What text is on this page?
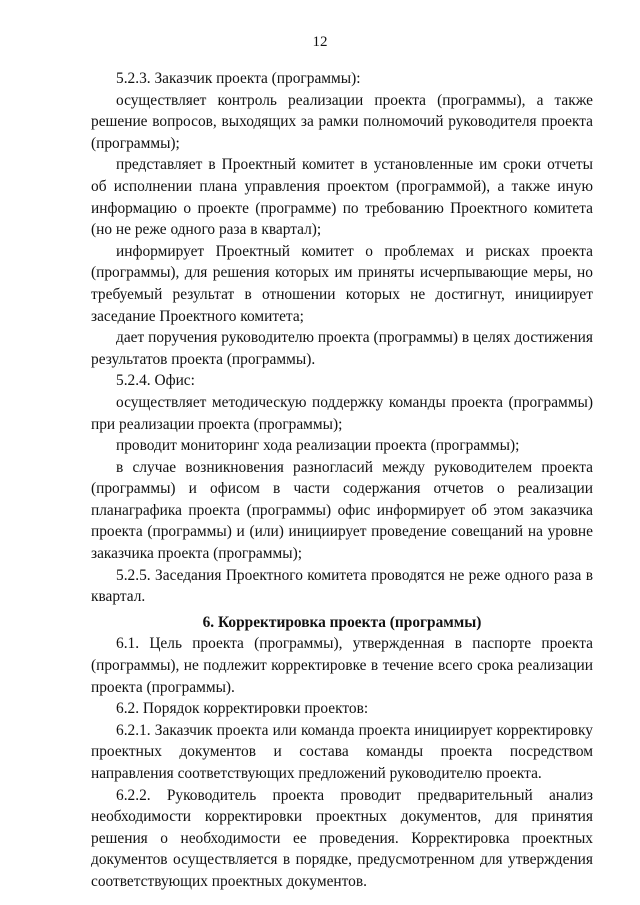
12

5.2.3. Заказчик проекта (программы):

осуществляет контроль реализации проекта (программы), а также решение вопросов, выходящих за рамки полномочий руководителя проекта (программы);

представляет в Проектный комитет в установленные им сроки отчеты об исполнении плана управления проектом (программой), а также иную информацию о проекте (программе) по требованию Проектного комитета (но не реже одного раза в квартал);

информирует Проектный комитет о проблемах и рисках проекта (программы), для решения которых им приняты исчерпывающие меры, но требуемый результат в отношении которых не достигнут, инициирует заседание Проектного комитета;

дает поручения руководителю проекта (программы) в целях достижения результатов проекта (программы).

5.2.4. Офис:

осуществляет методическую поддержку команды проекта (программы) при реализации проекта (программы);

проводит мониторинг хода реализации проекта (программы);

в случае возникновения разногласий между руководителем проекта (программы) и офисом в части содержания отчетов о реализации планаграфика проекта (программы) офис информирует об этом заказчика проекта (программы) и (или) инициирует проведение совещаний на уровне заказчика проекта (программы);

5.2.5. Заседания Проектного комитета проводятся не реже одного раза в квартал.

6. Корректировка проекта (программы)

6.1. Цель проекта (программы), утвержденная в паспорте проекта (программы), не подлежит корректировке в течение всего срока реализации проекта (программы).

6.2. Порядок корректировки проектов:

6.2.1. Заказчик проекта или команда проекта инициирует корректировку проектных документов и состава команды проекта посредством направления соответствующих предложений руководителю проекта.

6.2.2. Руководитель проекта проводит предварительный анализ необходимости корректировки проектных документов, для принятия решения о необходимости ее проведения. Корректировка проектных документов осуществляется в порядке, предусмотренном для утверждения соответствующих проектных документов.
